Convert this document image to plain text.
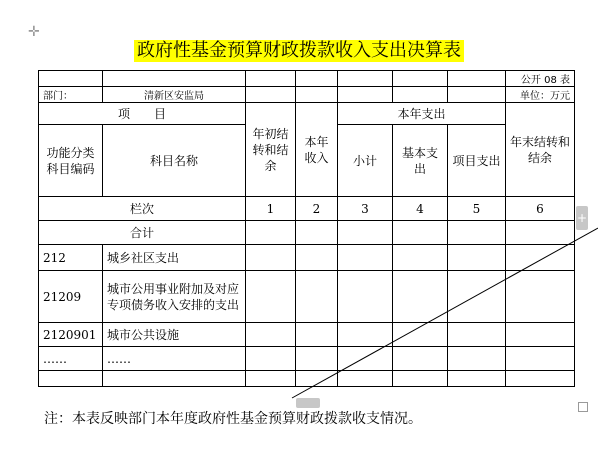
✛
政府性基金预算财政拨款收入支出决算表
							公开 08 表
部门：	清新区安监局						单位：万元
项　　目		年初结转和结余	本年收入	本年支出			年末结转和结余
功能分类科目编码	科目名称			小计	基本支出	项目支出	
栏次		1	2	3	4	5	6
合计							
212	城乡社区支出						
21209	城市公用事业附加及对应专项债务收入安排的支出						
2120901	城市公共设施						
……	……						

+
注：本表反映部门本年度政府性基金预算财政拨款收支情况。
